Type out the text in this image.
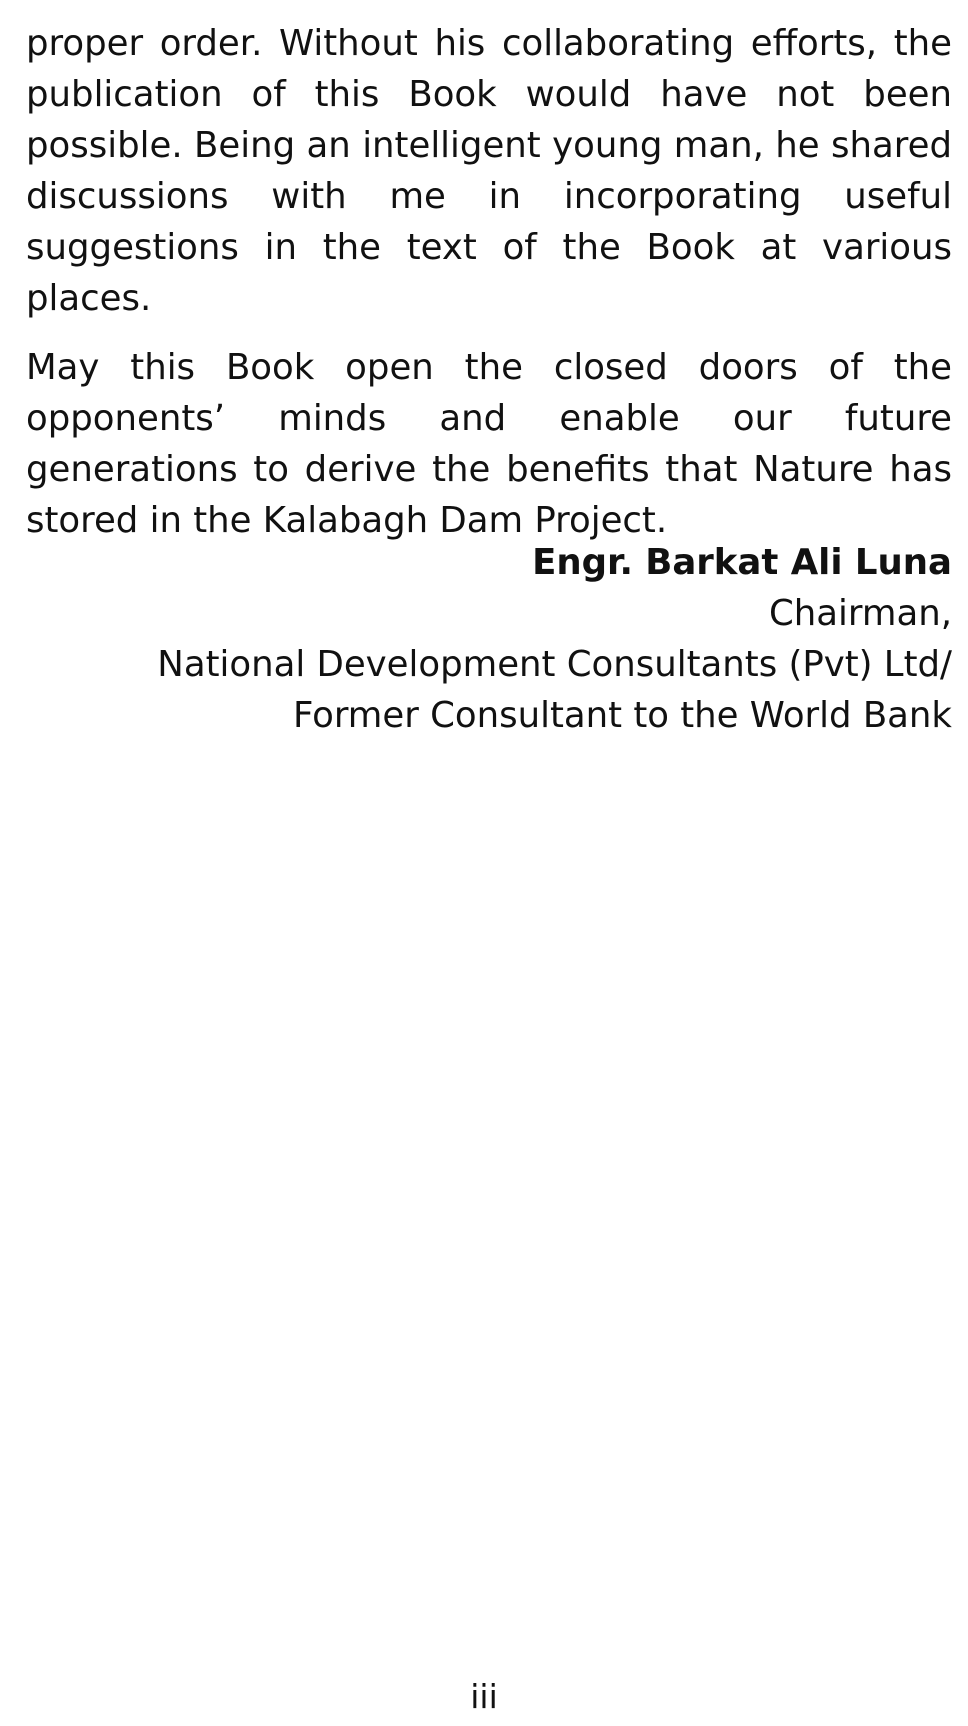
proper order. Without his collaborating efforts, the publication of this Book would have not been possible. Being an intelligent young man, he shared discussions with me in incorporating useful suggestions in the text of the Book at various places.

May this Book open the closed doors of the opponents’ minds and enable our future generations to derive the benefits that Nature has stored in the Kalabagh Dam Project.

Engr. Barkat Ali Luna
Chairman,
National Development Consultants (Pvt) Ltd/
Former Consultant to the World Bank
iii
